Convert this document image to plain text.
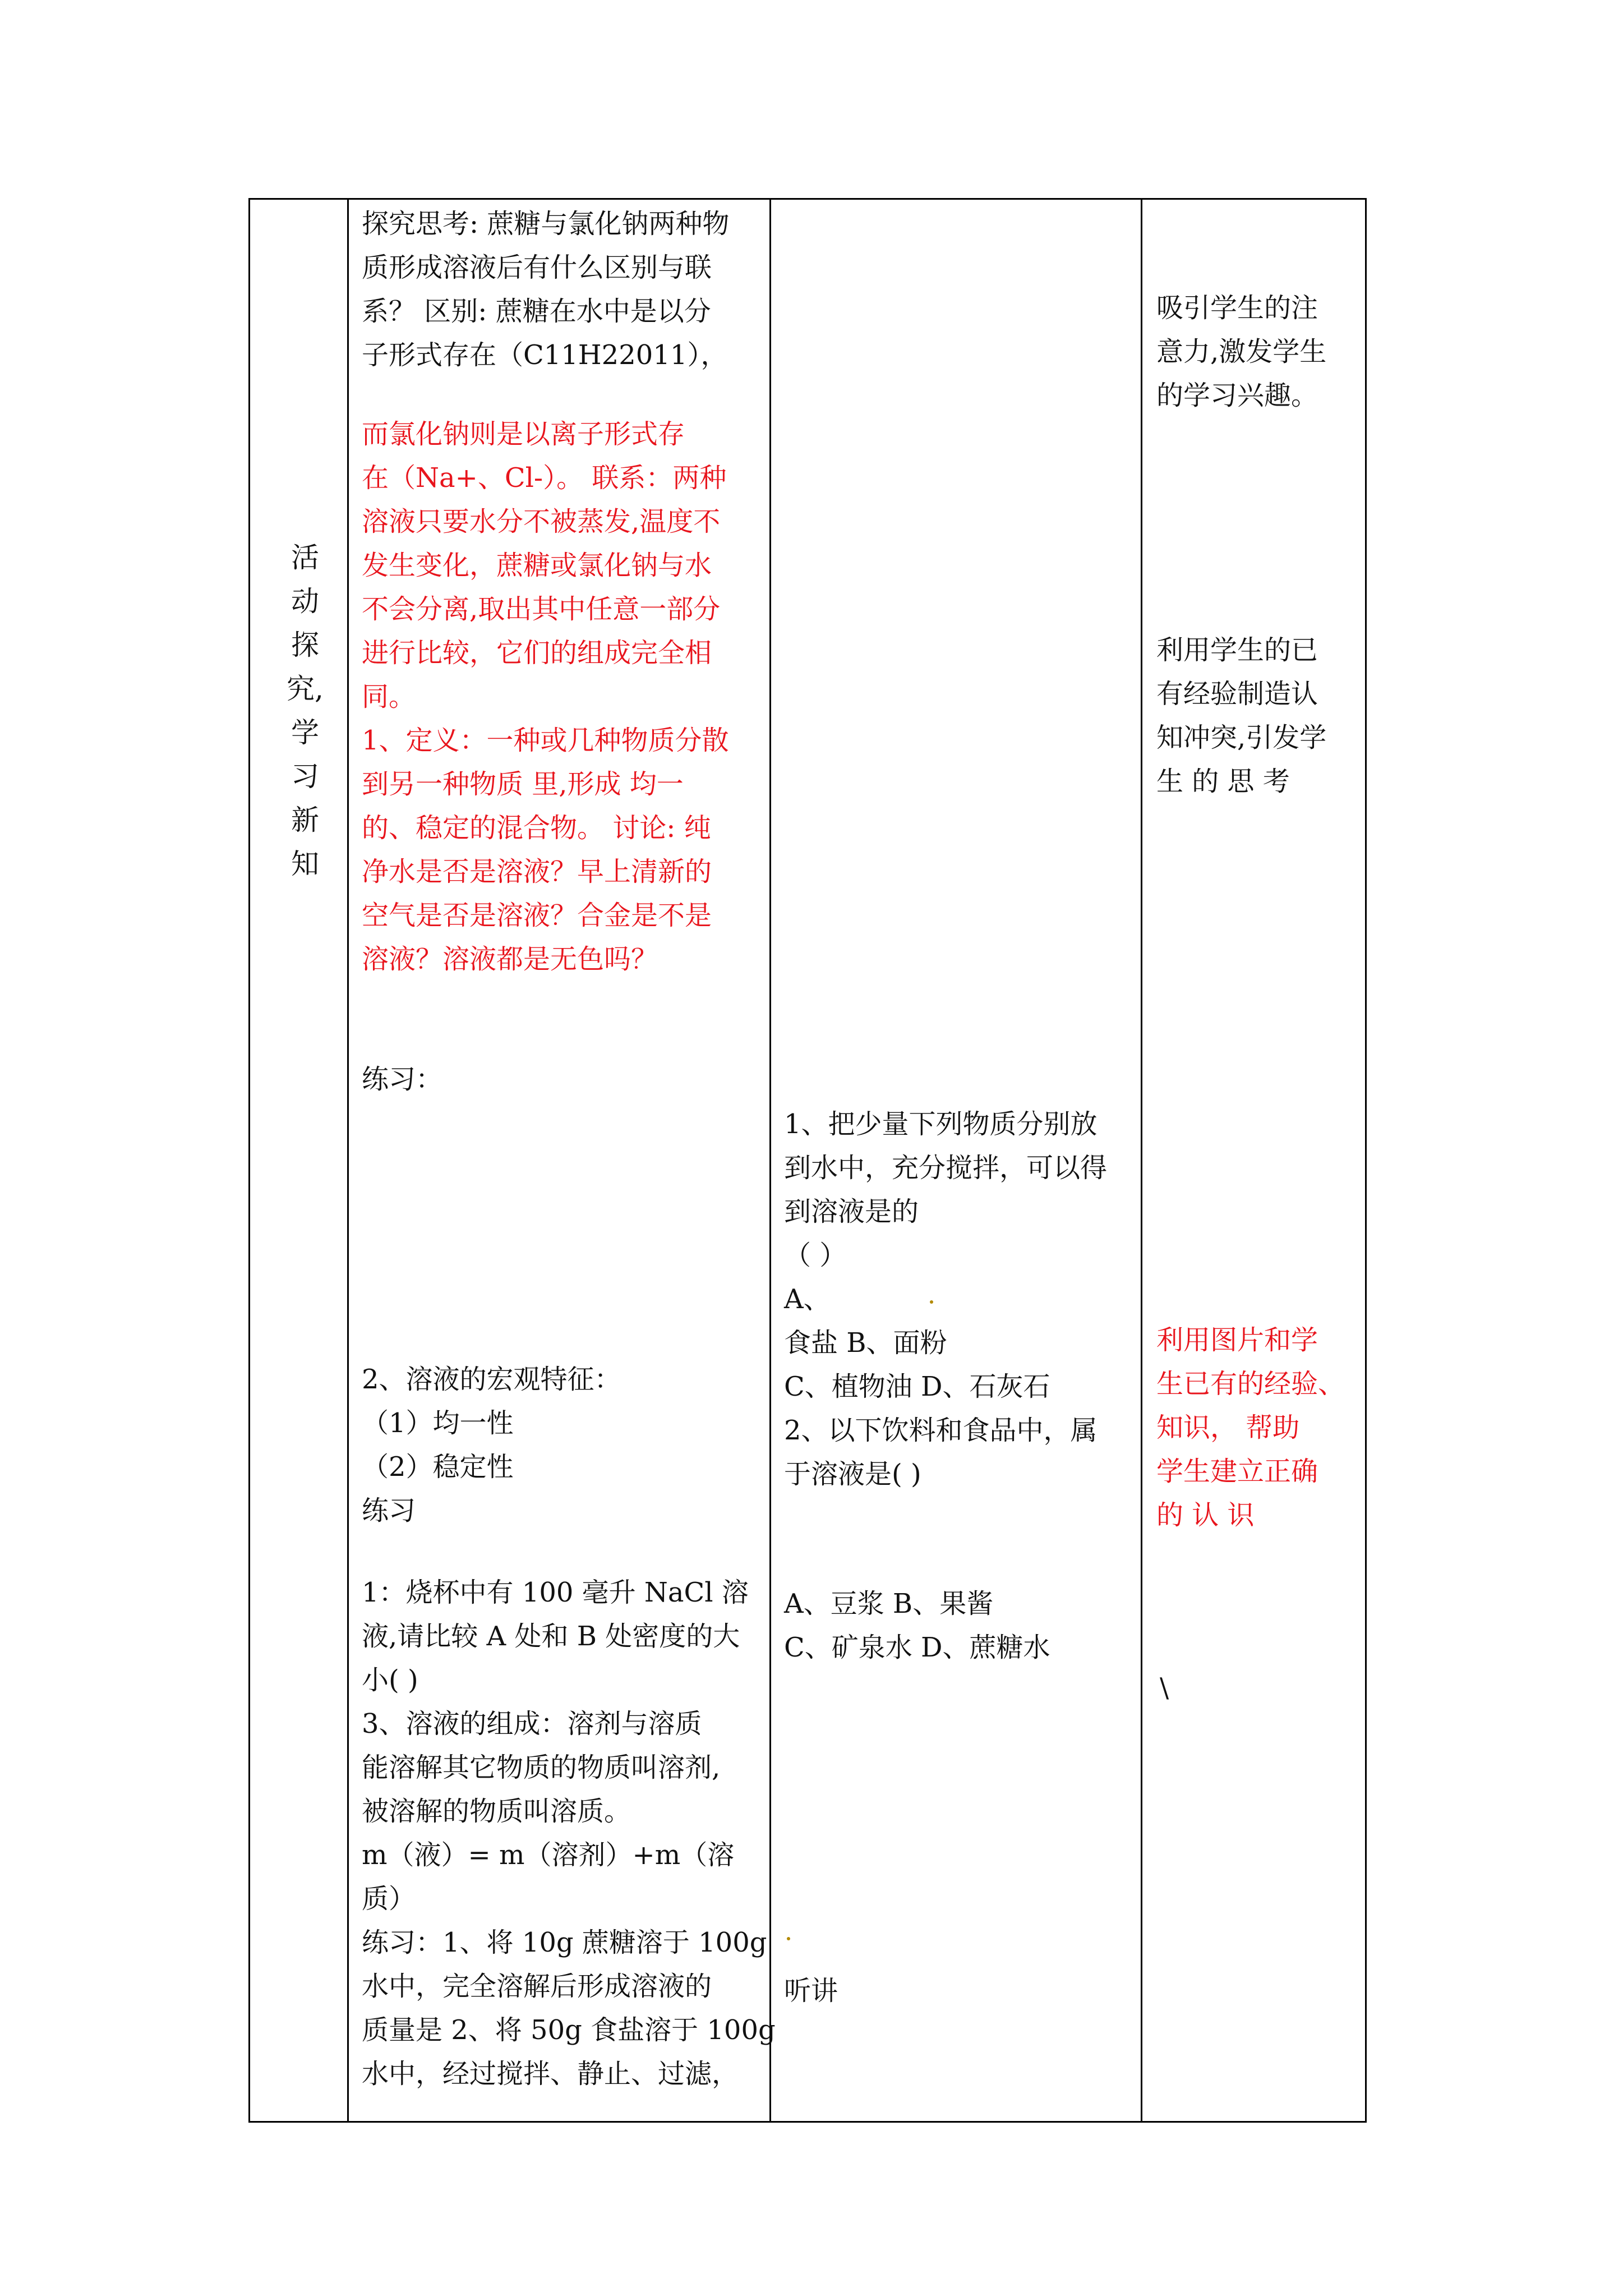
活
动
探
究,
学
习
新
知

探究思考: 蔗糖与氯化钠两种物

质形成溶液后有什么区别与联

系？ 区别: 蔗糖在水中是以分

子形式存在（C11H22011），

而氯化钠则是以离子形式存

在（Na+、Cl-）。 联系：两种

溶液只要水分不被蒸发,温度不

发生变化，蔗糖或氯化钠与水

不会分离,取出其中任意一部分

进行比较，它们的组成完全相

同。

1、定义：一种或几种物质分散

到另一种物质 里,形成 均一

的、稳定的混合物。 讨论: 纯

净水是否是溶液？早上清新的

空气是否是溶液？合金是不是

溶液？溶液都是无色吗？

练习：

2、溶液的宏观特征：

（1）均一性

（2）稳定性

练习

1：烧杯中有 100 毫升 NaCl 溶

液,请比较 A 处和 B 处密度的大

小( )

3、溶液的组成：溶剂与溶质

能溶解其它物质的物质叫溶剂,

被溶解的物质叫溶质。

m（液）= m（溶剂）+m（溶

质）

练习：1、将 10g 蔗糖溶于 100g

水中，完全溶解后形成溶液的

质量是 2、将 50g 食盐溶于 100g

水中，经过搅拌、静止、过滤，

1、把少量下列物质分别放

到水中，充分搅拌，可以得

到溶液是的

（ ）

A、

食盐 B、面粉

C、植物油 D、石灰石

2、以下饮料和食品中，属

于溶液是( )

A、豆浆 B、果酱

C、矿泉水 D、蔗糖水

听讲

吸引学生的注

意力,激发学生

的学习兴趣。

利用学生的已

有经验制造认

知冲突,引发学

生 的 思 考

利用图片和学

生已有的经验、

知识， 帮助

学生建立正确

的 认 识

\
